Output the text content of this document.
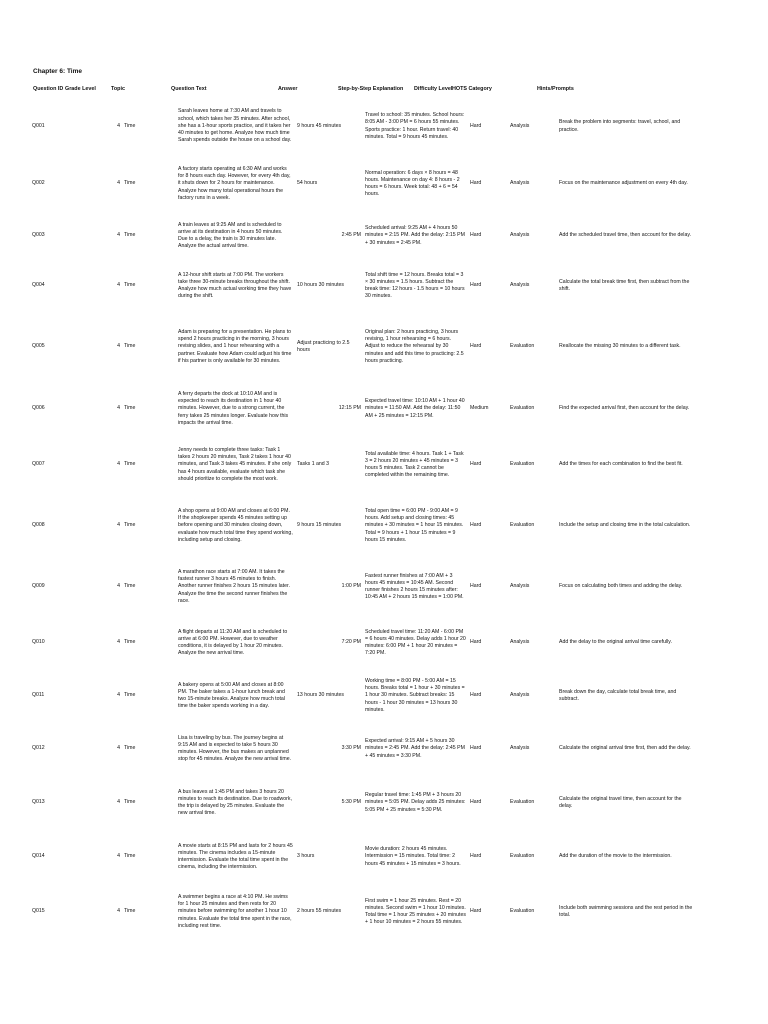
Chapter 6: Time
Question ID Grade Level	Topic	Question Text	Answer	Step-by-Step Explanation Difficulty Level HOTS Category	Hints/Prompts
Q001	4	Time	Sarah leaves home at 7:30 AM and travels to school, which takes her 35 minutes. After school, she has a 1-hour sports practice, and it takes her 40 minutes to get home. Analyze how much time Sarah spends outside the house on a school day.	9 hours 45 minutes	Travel to school: 35 minutes. School hours: 8:05 AM - 3:00 PM = 6 hours 55 minutes. Sports practice: 1 hour. Return travel: 40 minutes. Total = 9 hours 45 minutes.	Hard	Analysis	Break the problem into segments: travel, school, and practice.
Q002	4	Time	A factory starts operating at 6:30 AM and works for 8 hours each day. However, for every 4th day, it shuts down for 2 hours for maintenance. Analyze how many total operational hours the factory runs in a week.	54 hours	Normal operation: 6 days × 8 hours = 48 hours. Maintenance on day 4: 8 hours - 2 hours = 6 hours. Week total: 48 + 6 = 54 hours.	Hard	Analysis	Focus on the maintenance adjustment on every 4th day.
Q003	4	Time	A train leaves at 9:25 AM and is scheduled to arrive at its destination in 4 hours 50 minutes. Due to a delay, the train is 30 minutes late. Analyze the actual arrival time.	2:45 PM	Scheduled arrival: 9:25 AM + 4 hours 50 minutes = 2:15 PM. Add the delay: 2:15 PM + 30 minutes = 2:45 PM.	Hard	Analysis	Add the scheduled travel time, then account for the delay.
Q004	4	Time	A 12-hour shift starts at 7:00 PM. The workers take three 30-minute breaks throughout the shift. Analyze how much actual working time they have during the shift.	10 hours 30 minutes	Total shift time = 12 hours. Breaks total = 3 × 30 minutes = 1.5 hours. Subtract the break time: 12 hours - 1.5 hours = 10 hours 30 minutes.	Hard	Analysis	Calculate the total break time first, then subtract from the shift.
Q005	4	Time	Adam is preparing for a presentation. He plans to spend 2 hours practicing in the morning, 3 hours revising slides, and 1 hour rehearsing with a partner. Evaluate how Adam could adjust his time if his partner is only available for 30 minutes.	Adjust practicing to 2.5 hours	Original plan: 2 hours practicing, 3 hours revising, 1 hour rehearsing = 6 hours. Adjust to reduce the rehearsal by 30 minutes and add this time to practicing: 2.5 hours practicing.	Hard	Evaluation	Reallocate the missing 30 minutes to a different task.
Q006	4	Time	A ferry departs the dock at 10:10 AM and is expected to reach its destination in 1 hour 40 minutes. However, due to a strong current, the ferry takes 25 minutes longer. Evaluate how this impacts the arrival time.	12:15 PM	Expected travel time: 10:10 AM + 1 hour 40 minutes = 11:50 AM. Add the delay: 11:50 AM + 25 minutes = 12:15 PM.	Medium	Evaluation	Find the expected arrival first, then account for the delay.
Q007	4	Time	Jenny needs to complete three tasks: Task 1 takes 2 hours 20 minutes, Task 2 takes 1 hour 40 minutes, and Task 3 takes 45 minutes. If she only has 4 hours available, evaluate which task she should prioritize to complete the most work.	Tasks 1 and 3	Total available time: 4 hours. Task 1 + Task 3 = 2 hours 20 minutes + 45 minutes = 3 hours 5 minutes. Task 2 cannot be completed within the remaining time.	Hard	Evaluation	Add the times for each combination to find the best fit.
Q008	4	Time	A shop opens at 9:00 AM and closes at 6:00 PM. If the shopkeeper spends 45 minutes setting up before opening and 30 minutes closing down, evaluate how much total time they spend working, including setup and closing.	9 hours 15 minutes	Total open time = 6:00 PM - 9:00 AM = 9 hours. Add setup and closing times: 45 minutes + 30 minutes = 1 hour 15 minutes. Total = 9 hours + 1 hour 15 minutes = 9 hours 15 minutes.	Hard	Evaluation	Include the setup and closing time in the total calculation.
Q009	4	Time	A marathon race starts at 7:00 AM. It takes the fastest runner 3 hours 45 minutes to finish. Another runner finishes 2 hours 15 minutes later. Analyze the time the second runner finishes the race.	1:00 PM	Fastest runner finishes at 7:00 AM + 3 hours 45 minutes = 10:45 AM. Second runner finishes 2 hours 15 minutes after: 10:45 AM + 2 hours 15 minutes = 1:00 PM.	Hard	Analysis	Focus on calculating both times and adding the delay.
Q010	4	Time	A flight departs at 11:20 AM and is scheduled to arrive at 6:00 PM. However, due to weather conditions, it is delayed by 1 hour 20 minutes. Analyze the new arrival time.	7:20 PM	Scheduled travel time: 11:20 AM - 6:00 PM = 6 hours 40 minutes. Delay adds 1 hour 20 minutes: 6:00 PM + 1 hour 20 minutes = 7:20 PM.	Hard	Analysis	Add the delay to the original arrival time carefully.
Q011	4	Time	A bakery opens at 5:00 AM and closes at 8:00 PM. The baker takes a 1-hour lunch break and two 15-minute breaks. Analyze how much total time the baker spends working in a day.	13 hours 30 minutes	Working time = 8:00 PM - 5:00 AM = 15 hours. Breaks total = 1 hour + 30 minutes = 1 hour 30 minutes. Subtract breaks: 15 hours - 1 hour 30 minutes = 13 hours 30 minutes.	Hard	Analysis	Break down the day, calculate total break time, and subtract.
Q012	4	Time	Lisa is traveling by bus. The journey begins at 9:15 AM and is expected to take 5 hours 30 minutes. However, the bus makes an unplanned stop for 45 minutes. Analyze the new arrival time.	3:30 PM	Expected arrival: 9:15 AM + 5 hours 30 minutes = 2:45 PM. Add the delay: 2:45 PM + 45 minutes = 3:30 PM.	Hard	Analysis	Calculate the original arrival time first, then add the delay.
Q013	4	Time	A bus leaves at 1:45 PM and takes 3 hours 20 minutes to reach its destination. Due to roadwork, the trip is delayed by 25 minutes. Evaluate the new arrival time.	5:30 PM	Regular travel time: 1:45 PM + 3 hours 20 minutes = 5:05 PM. Delay adds 25 minutes: 5:05 PM + 25 minutes = 5:30 PM.	Hard	Evaluation	Calculate the original travel time, then account for the delay.
Q014	4	Time	A movie starts at 8:15 PM and lasts for 2 hours 45 minutes. The cinema includes a 15-minute intermission. Evaluate the total time spent in the cinema, including the intermission.	3 hours	Movie duration: 2 hours 45 minutes. Intermission = 15 minutes. Total time: 2 hours 45 minutes + 15 minutes = 3 hours.	Hard	Evaluation	Add the duration of the movie to the intermission.
Q015	4	Time	A swimmer begins a race at 4:10 PM. He swims for 1 hour 25 minutes and then rests for 20 minutes before swimming for another 1 hour 10 minutes. Evaluate the total time spent in the race, including rest time.	2 hours 55 minutes	First swim = 1 hour 25 minutes. Rest = 20 minutes. Second swim = 1 hour 10 minutes. Total time = 1 hour 25 minutes + 20 minutes + 1 hour 10 minutes = 2 hours 55 minutes.	Hard	Evaluation	Include both swimming sessions and the rest period in the total.
